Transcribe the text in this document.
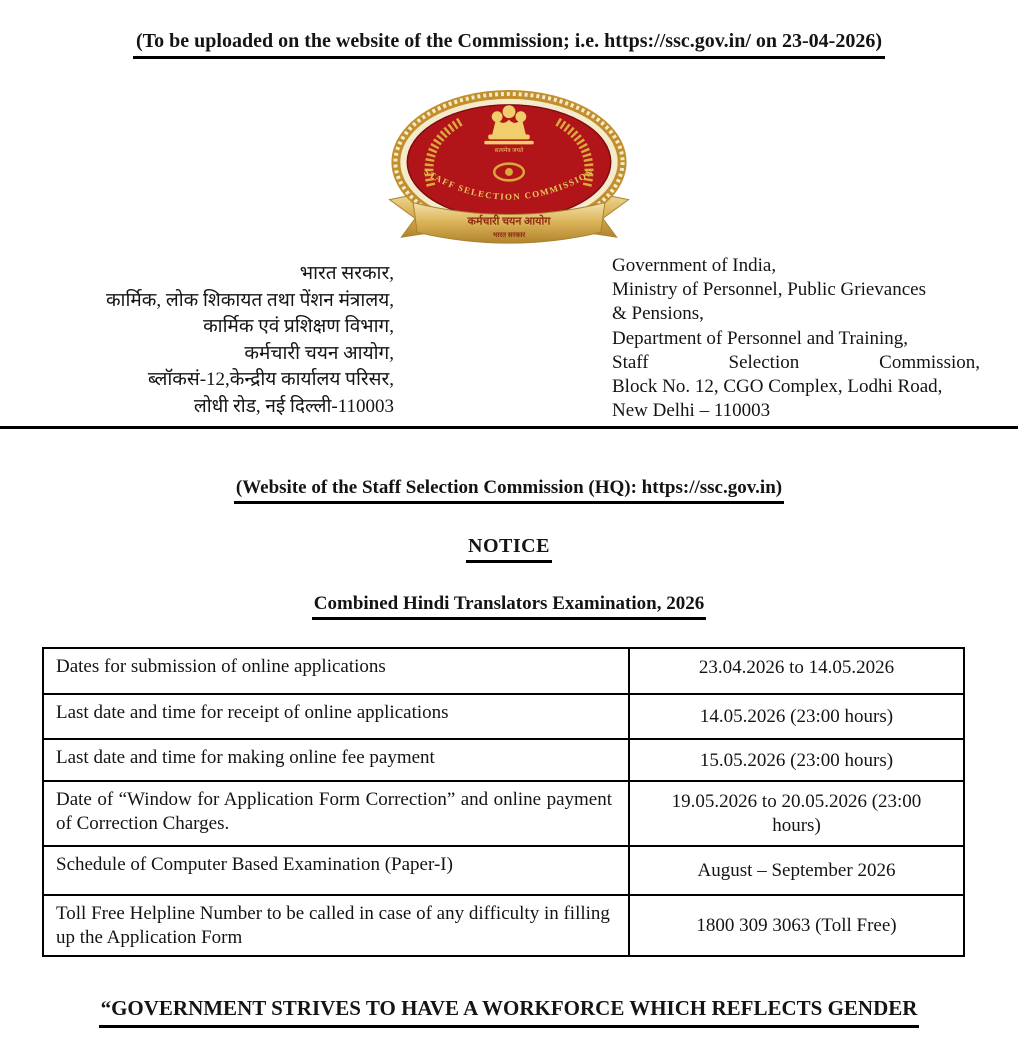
(To be uploaded on the website of the Commission; i.e. https://ssc.gov.in/ on 23-04-2026)
सत्यमेव जयते
STAFF SELECTION COMMISSION
कर्मचारी चयन आयोग
भारत सरकार
भारत सरकार,
कार्मिक, लोक शिकायत तथा पेंशन मंत्रालय,
कार्मिक एवं प्रशिक्षण विभाग,
कर्मचारी चयन आयोग,
ब्लॉकसं-12,केन्द्रीय कार्यालय परिसर,
लोधी रोड, नई दिल्ली-110003
Government of India,
Ministry of Personnel, Public Grievances
& Pensions,
Department of Personnel and Training,
Staff Selection Commission,
Block No. 12, CGO Complex, Lodhi Road,
New Delhi – 110003
(Website of the Staff Selection Commission (HQ): https://ssc.gov.in)
NOTICE
Combined Hindi Translators Examination, 2026
Dates for submission of online applications	23.04.2026 to 14.05.2026
Last date and time for receipt of online applications	14.05.2026 (23:00 hours)
Last date and time for making online fee payment	15.05.2026 (23:00 hours)
Date of “Window for Application Form Correction” and online payment of Correction Charges.	19.05.2026 to 20.05.2026 (23:00 hours)
Schedule of Computer Based Examination (Paper-I)	August – September 2026
Toll Free Helpline Number to be called in case of any difficulty in filling up the Application Form	1800 309 3063 (Toll Free)
“GOVERNMENT STRIVES TO HAVE A WORKFORCE WHICH REFLECTS GENDER
